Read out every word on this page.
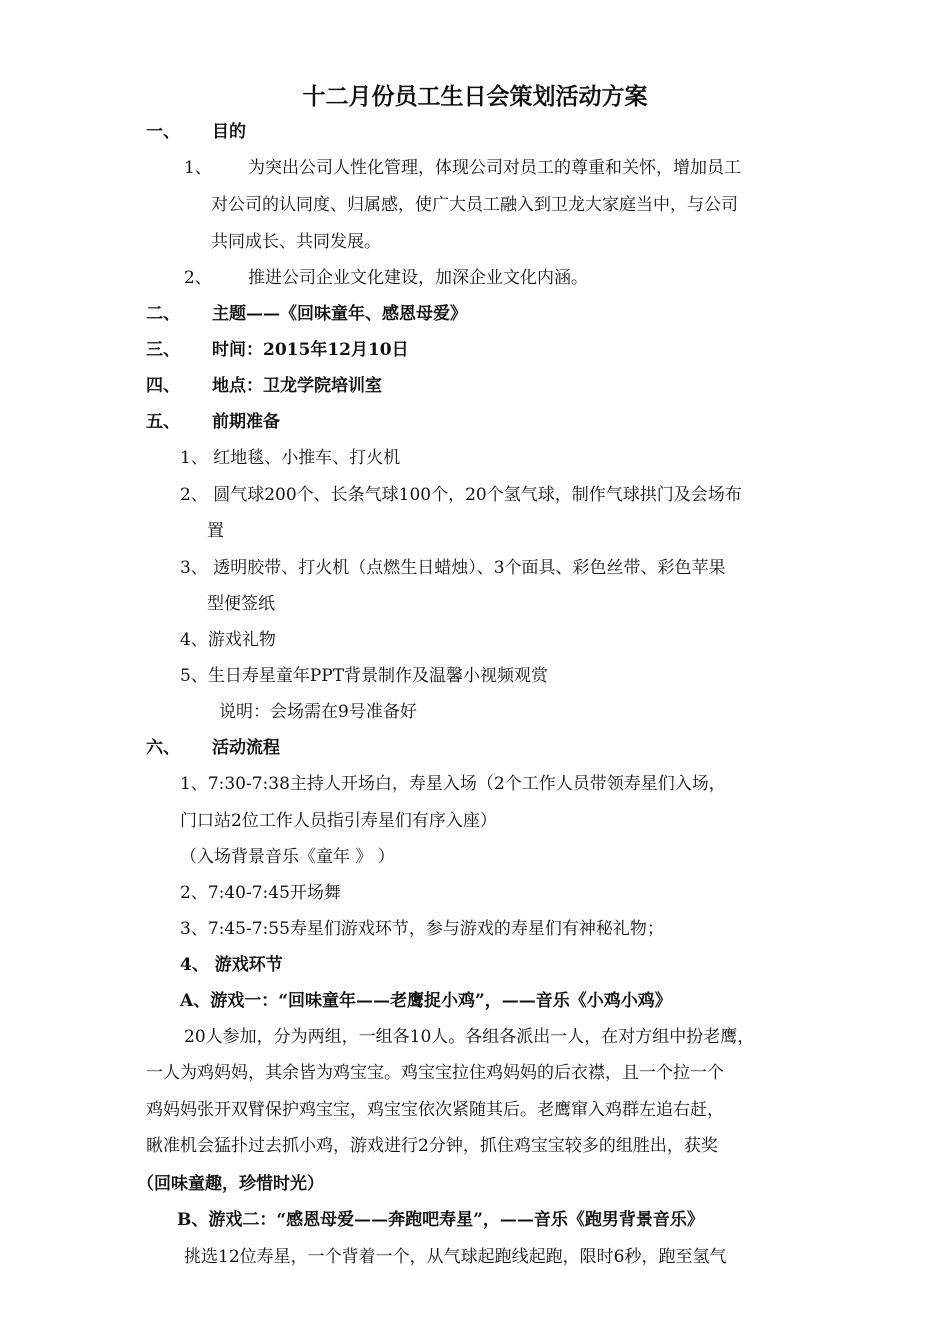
十二月份员工生日会策划活动方案
一、 目的
1、 为突出公司人性化管理，体现公司对员工的尊重和关怀，增加员工
对公司的认同度、归属感，使广大员工融入到卫龙大家庭当中，与公司
共同成长、共同发展。
2、 推进公司企业文化建设，加深企业文化内涵。
二、 主题——《回味童年、感恩母爱》
三、 时间：2015年12月10日
四、 地点：卫龙学院培训室
五、 前期准备
1、 红地毯、小推车、打火机
2、 圆气球200个、长条气球100个，20个氢气球，制作气球拱门及会场布
置
3、 透明胶带、打火机（点燃生日蜡烛）、3个面具、彩色丝带、彩色苹果
型便签纸
4、游戏礼物
5、生日寿星童年PPT背景制作及温馨小视频观赏
说明：会场需在9号准备好
六、 活动流程
1、7:30-7:38主持人开场白，寿星入场（2个工作人员带领寿星们入场，
门口站2位工作人员指引寿星们有序入座）
（入场背景音乐《童年 》 ）
2、7:40-7:45开场舞
3、7:45-7:55寿星们游戏环节，参与游戏的寿星们有神秘礼物；
4、 游戏环节
A、游戏一：“回味童年——老鹰捉小鸡”，——音乐《小鸡小鸡》
20人参加，分为两组，一组各10人。各组各派出一人，在对方组中扮老鹰，
一人为鸡妈妈，其余皆为鸡宝宝。鸡宝宝拉住鸡妈妈的后衣襟，且一个拉一个
鸡妈妈张开双臂保护鸡宝宝，鸡宝宝依次紧随其后。老鹰窜入鸡群左追右赶，
瞅准机会猛扑过去抓小鸡，游戏进行2分钟，抓住鸡宝宝较多的组胜出，获奖
（回味童趣，珍惜时光）
B、游戏二：“感恩母爱——奔跑吧寿星”，——音乐《跑男背景音乐》
挑选12位寿星，一个背着一个，从气球起跑线起跑，限时6秒，跑至氢气
